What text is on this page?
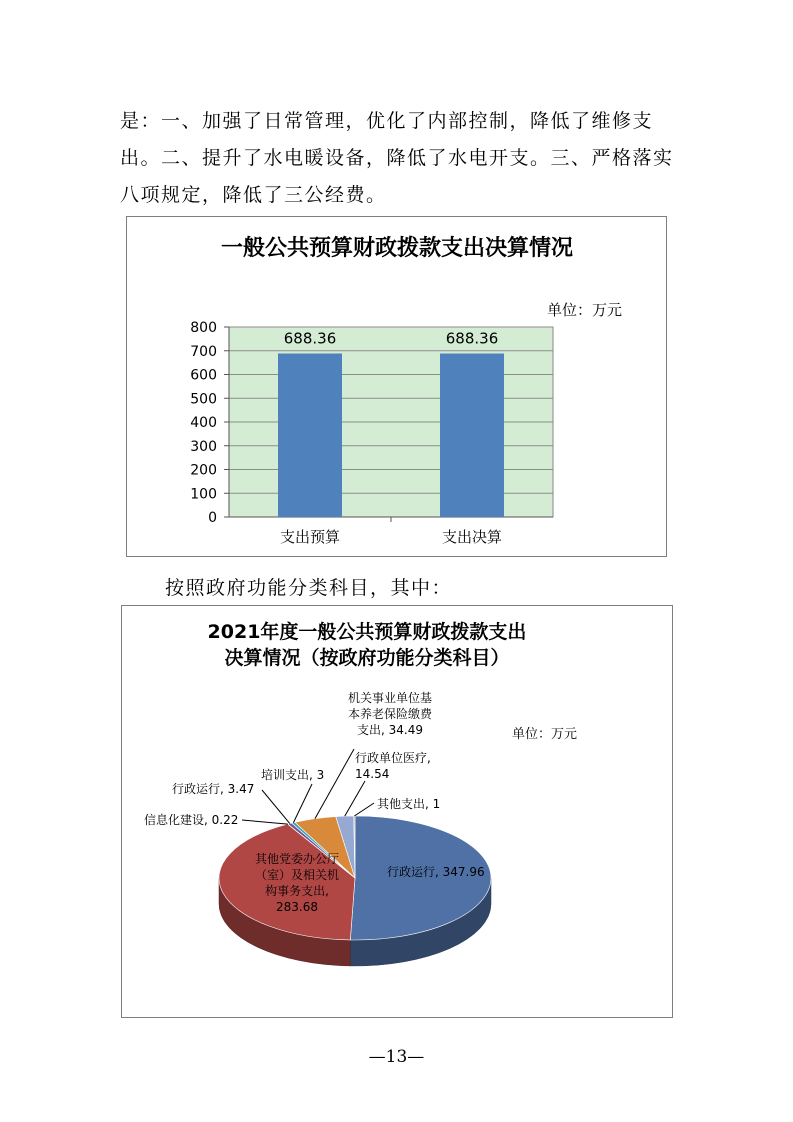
是：一、加强了日常管理，优化了内部控制，降低了维修支出。二、提升了水电暖设备，降低了水电开支。三、严格落实八项规定，降低了三公经费。
一般公共预算财政拨款支出决算情况
单位：万元
0
100
200
300
400
500
600
700
800
688.36
支出预算
688.36
支出决算
按照政府功能分类科目，其中：
2021年度一般公共预算财政拨款支出
决算情况（按政府功能分类科目）
单位：万元
行政运行, 347.96
其他党委办公厅（室）及相关机构事务支出, 283.68
信息化建设, 0.22
行政运行, 3.47
培训支出, 3
机关事业单位基本养老保险缴费支出, 34.49
行政单位医疗, 14.54
其他支出, 1
—13—
